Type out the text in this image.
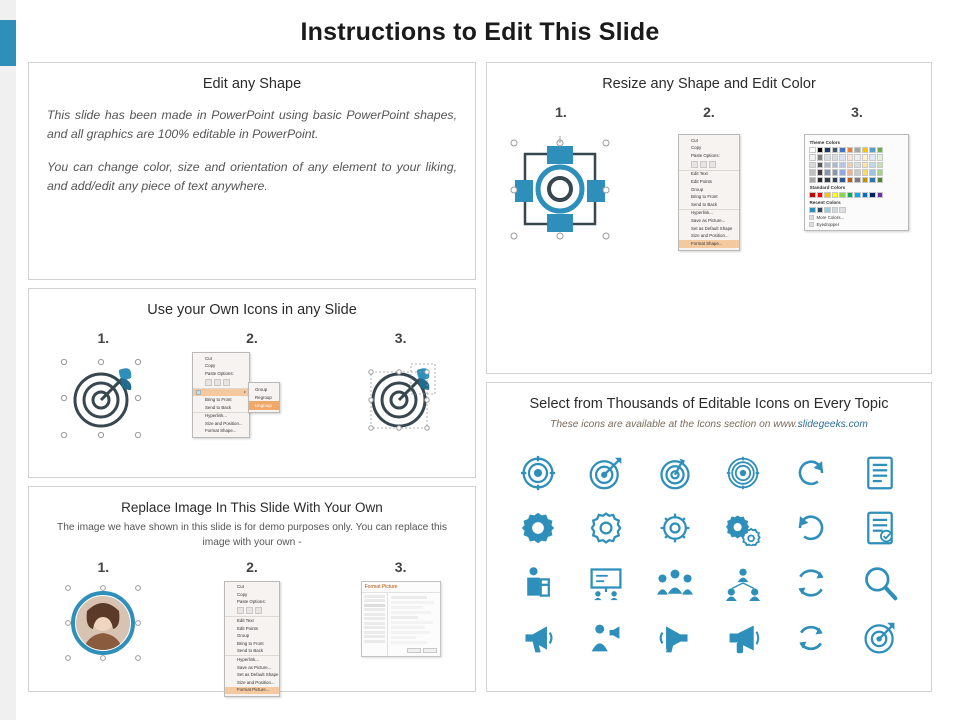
Instructions to Edit This Slide
Edit any Shape
This slide has been made in PowerPoint using basic PowerPoint shapes, and all graphics are 100% editable in PowerPoint.
You can change color, size and orientation of any element to your liking, and add/edit any piece of text anywhere.
Resize any Shape and Edit Color
1.	2.	3.
Cut
Copy
Paste Options:
Edit Text
Edit Points
Group
Bring to Front
Send to Back
Hyperlink...
Save as Picture...
Set as Default Shape
Size and Position...
Format Shape...
Theme Colors
Standard Colors
Recent Colors
More Colors...
Eyedropper
Use your Own Icons in any Slide
1.	2.	3.
Cut
Copy
Paste Options:
▸

Bring to Front
Send to Back
Hyperlink...
Size and Position...
Format Shape...
Group
Regroup
Ungroup
Replace Image In This Slide With Your Own
The image we have shown in this slide is for demo purposes only. You can replace this image with your own -
1.	2.	3.
Cut
Copy
Paste Options:
Edit Text
Edit Points
Group
Bring to Front
Send to Back
Hyperlink...
Save as Picture...
Set as Default Shape
Size and Position...
Format Picture...
Format Picture
Select from Thousands of Editable Icons on Every Topic
These icons are available at the Icons section on www.slidegeeks.com
